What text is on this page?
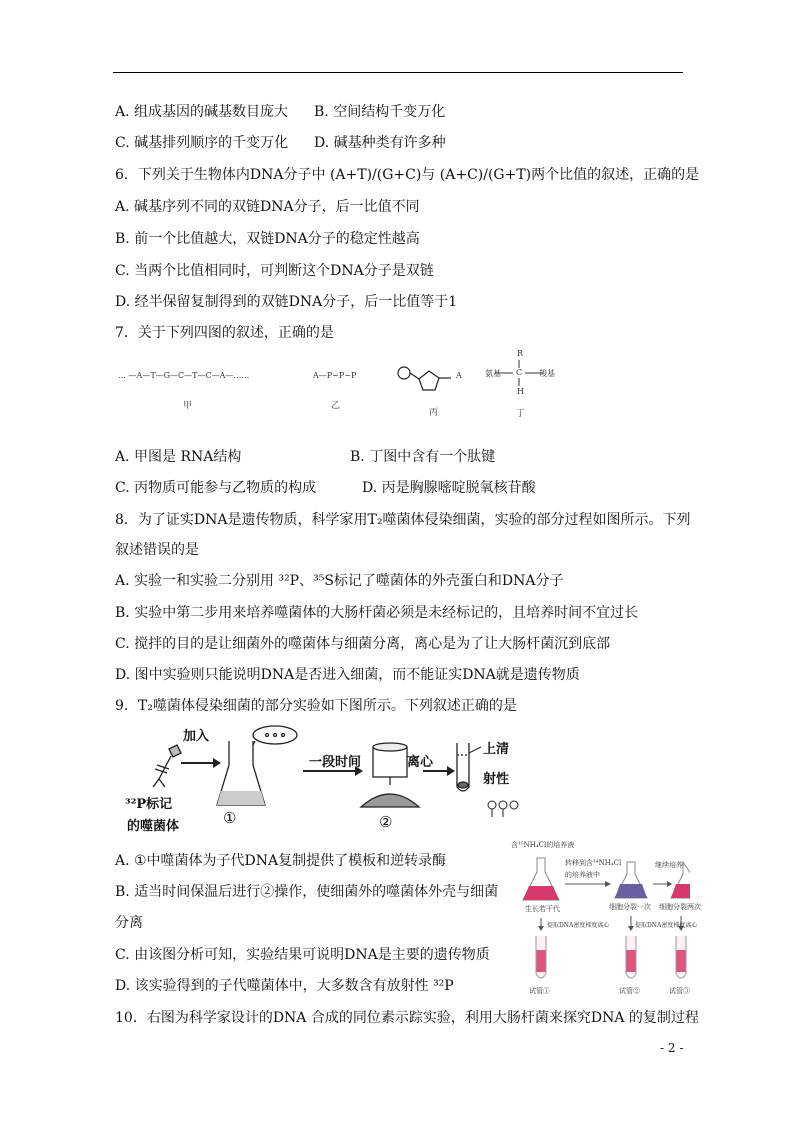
A. 组成基因的碱基数目庞大 B. 空间结构千变万化
C. 碱基排列顺序的千变万化 D. 碱基种类有许多种
6．下列关于生物体内DNA分子中 (A+T)/(G+C)与 (A+C)/(G+T)两个比值的叙述，正确的是
A. 碱基序列不同的双链DNA分子，后一比值不同
B. 前一个比值越大，双链DNA分子的稳定性越高
C. 当两个比值相同时，可判断这个DNA分子是双链
D. 经半保留复制得到的双链DNA分子，后一比值等于1
7．关于下列四图的叙述，正确的是
… —A—T—G—C—T—C—A—……
甲
A—P~P~P
乙
A
丙
R
氨基 C 羧基
H
丁
A. 甲图是 RNA结构	B. 丁图中含有一个肽键
C. 丙物质可能参与乙物质的构成	D. 丙是胸腺嘧啶脱氧核苷酸
8．为了证实DNA是遗传物质，科学家用T₂噬菌体侵染细菌，实验的部分过程如图所示。下列
叙述错误的是
A. 实验一和实验二分别用 ³²P、³⁵S标记了噬菌体的外壳蛋白和DNA分子
B. 实验中第二步用来培养噬菌体的大肠杆菌必须是未经标记的，且培养时间不宜过长
C. 搅拌的目的是让细菌外的噬菌体与细菌分离，离心是为了让大肠杆菌沉到底部
D. 图中实验则只能说明DNA是否进入细菌，而不能证实DNA就是遗传物质
9．T₂噬菌体侵染细菌的部分实验如下图所示。下列叙述正确的是
加入
一段时间	离心
上清
射性
³²P标记
的噬菌体	①	②
A. ①中噬菌体为子代DNA复制提供了模板和逆转录酶
B. 适当时间保温后进行②操作，使细菌外的噬菌体外壳与细菌
分离
C. 由该图分析可知，实验结果可说明DNA是主要的遗传物质
D. 该实验得到的子代噬菌体中，大多数含有放射性 ³²P
含¹⁵NH₄Cl的培养液
转移到含¹⁴NH₄Cl
的培养液中
继续培养
生长若干代	细胞分裂一次 细胞分裂两次
提取DNA密度梯度离心	提取DNA密度梯度离心
试管①	试管②	试管③
10．右图为科学家设计的DNA 合成的同位素示踪实验，利用大肠杆菌来探究DNA 的复制过程
- 2 -
